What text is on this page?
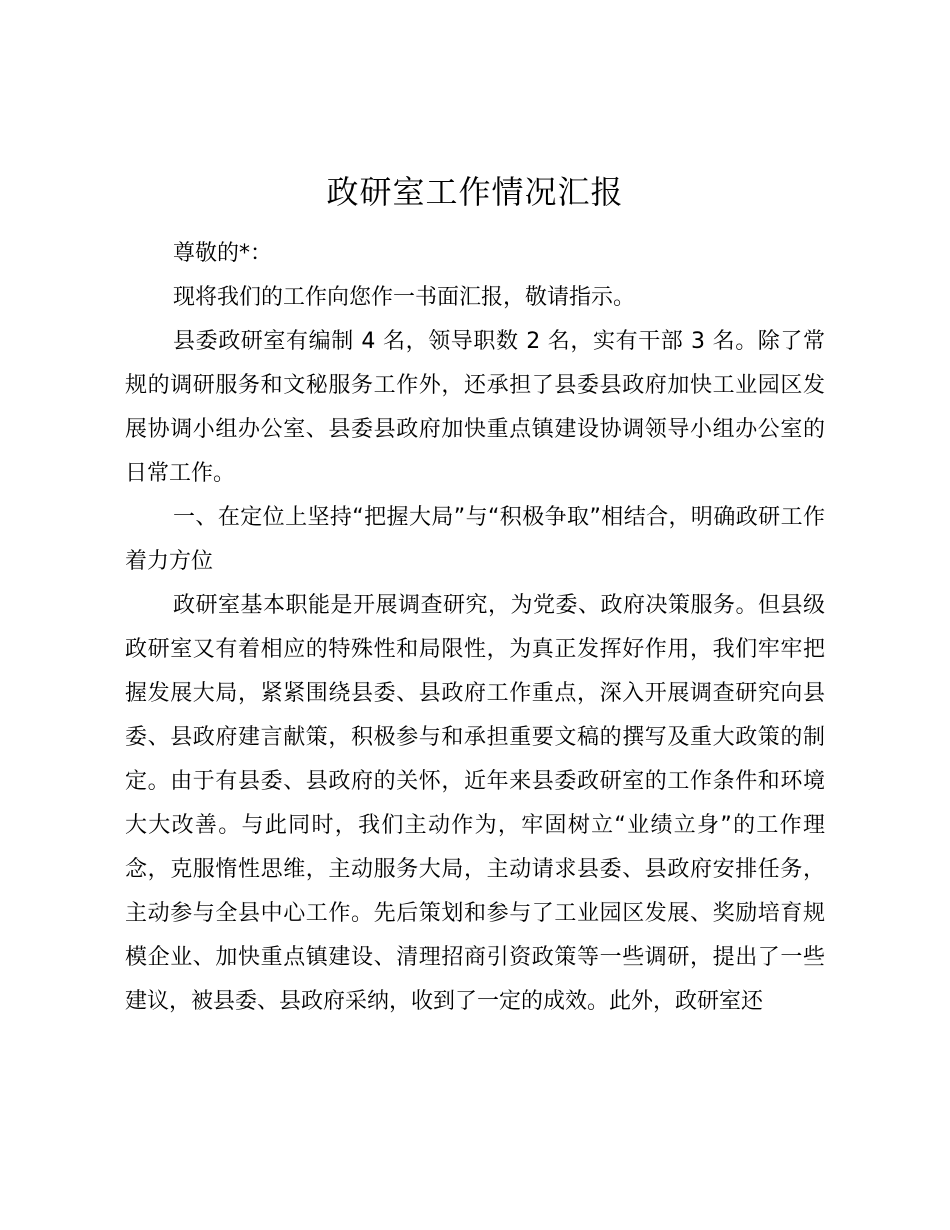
政研室工作情况汇报

尊敬的*：

现将我们的工作向您作一书面汇报，敬请指示。

县委政研室有编制 4 名，领导职数 2 名，实有干部 3 名。除了常规的调研服务和文秘服务工作外，还承担了县委县政府加快工业园区发展协调小组办公室、县委县政府加快重点镇建设协调领导小组办公室的日常工作。

一、在定位上坚持“把握大局”与“积极争取”相结合，明确政研工作着力方位

政研室基本职能是开展调查研究，为党委、政府决策服务。但县级政研室又有着相应的特殊性和局限性，为真正发挥好作用，我们牢牢把握发展大局，紧紧围绕县委、县政府工作重点，深入开展调查研究向县委、县政府建言献策，积极参与和承担重要文稿的撰写及重大政策的制定。由于有县委、县政府的关怀，近年来县委政研室的工作条件和环境大大改善。与此同时，我们主动作为，牢固树立“业绩立身”的工作理念，克服惰性思维，主动服务大局，主动请求县委、县政府安排任务，主动参与全县中心工作。先后策划和参与了工业园区发展、奖励培育规模企业、加快重点镇建设、清理招商引资政策等一些调研，提出了一些建议，被县委、县政府采纳，收到了一定的成效。此外，政研室还
